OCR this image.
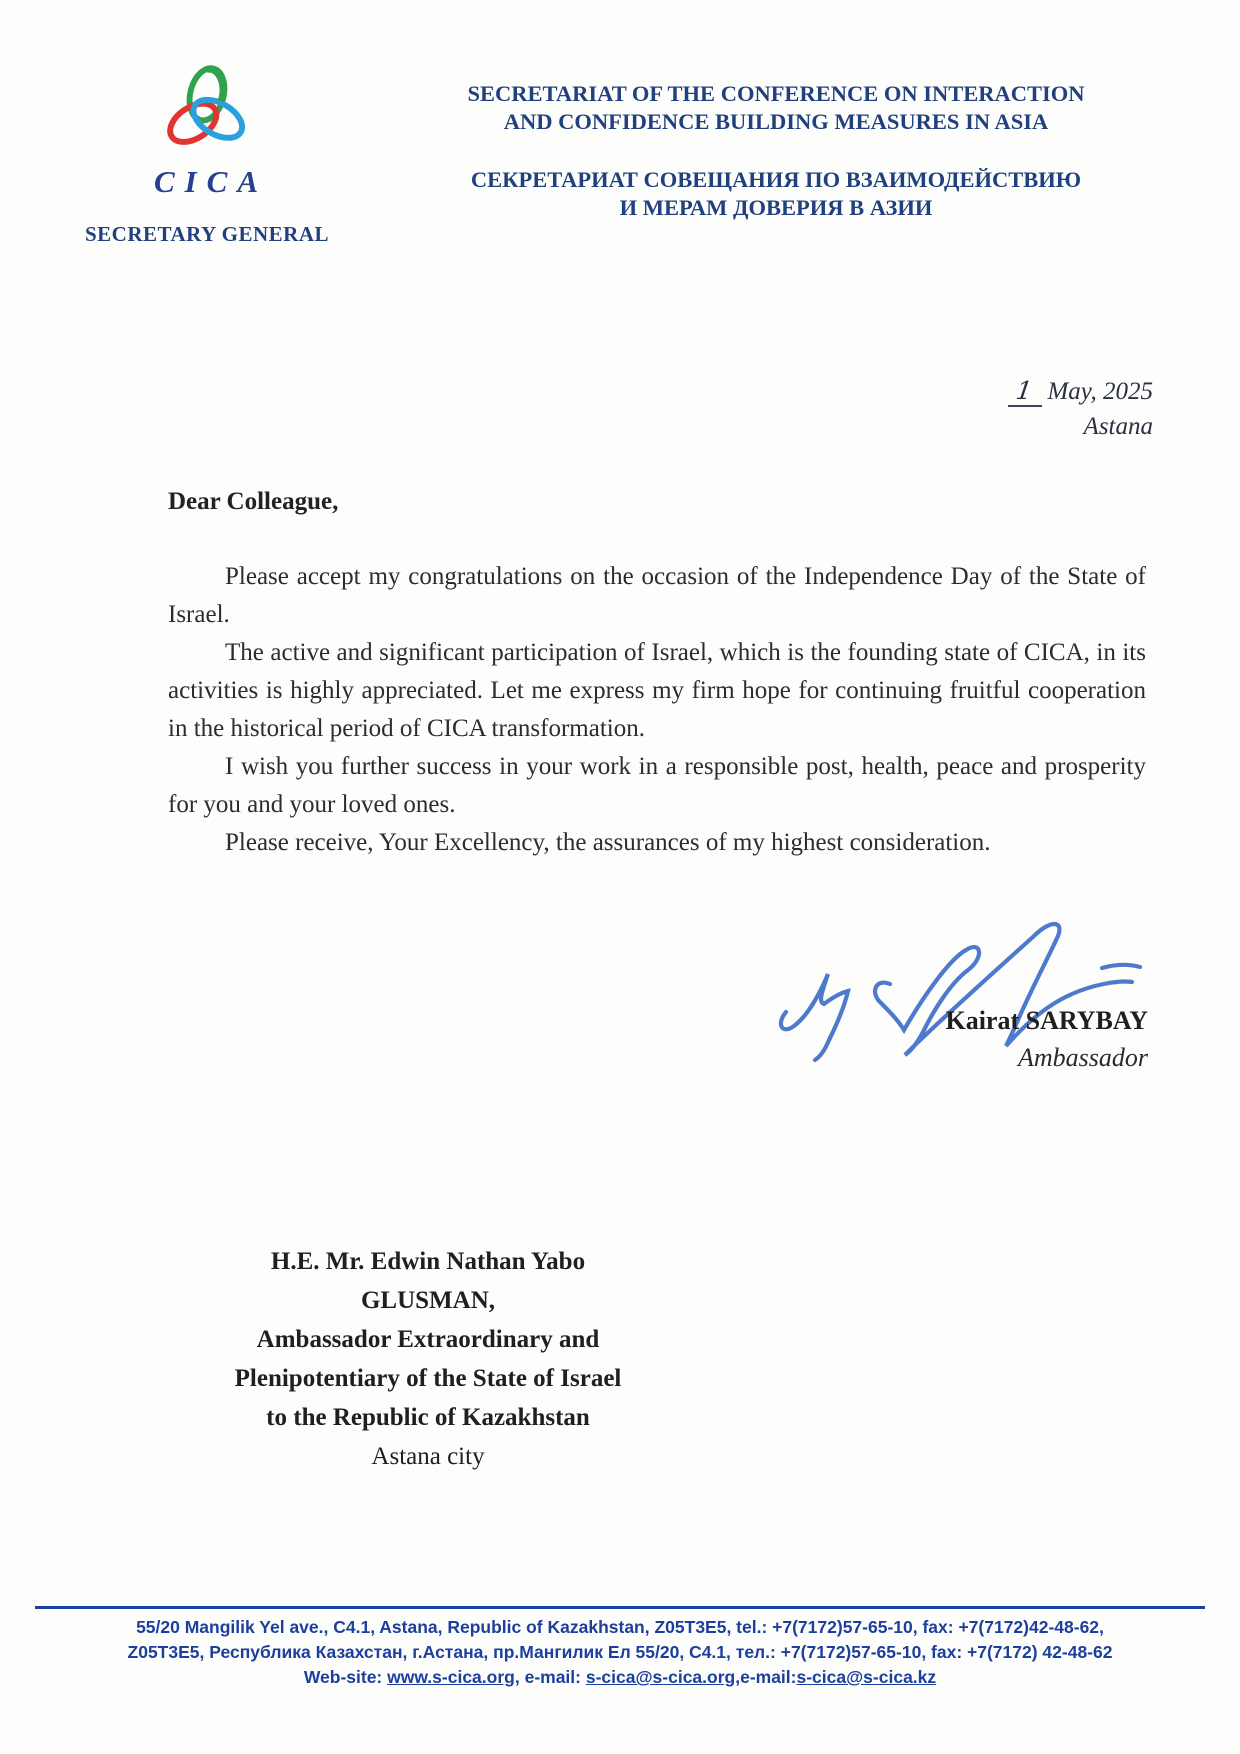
CICA
SECRETARY GENERAL
SECRETARIAT OF THE CONFERENCE ON INTERACTION
AND CONFIDENCE BUILDING MEASURES IN ASIA
СЕКРЕТАРИАТ СОВЕЩАНИЯ ПО ВЗАИМОДЕЙСТВИЮ
И МЕРАМ ДОВЕРИЯ В АЗИИ
1 May, 2025
Astana
Dear Colleague,

Please accept my congratulations on the occasion of the Independence Day of the State of Israel.

The active and significant participation of Israel, which is the founding state of CICA, in its activities is highly appreciated. Let me express my firm hope for continuing fruitful cooperation in the historical period of CICA transformation.

I wish you further success in your work in a responsible post, health, peace and prosperity for you and your loved ones.

Please receive, Your Excellency, the assurances of my highest consideration.

Kairat SARYBAY
Ambassador
H.E. Mr. Edwin Nathan Yabo
GLUSMAN,
Ambassador Extraordinary and
Plenipotentiary of the State of Israel
to the Republic of Kazakhstan
Astana city
55/20 Mangilik Yel ave., C4.1, Astana, Republic of Kazakhstan, Z05T3E5, tel.: +7(7172)57-65-10, fax: +7(7172)42-48-62,
Z05T3E5, Республика Казахстан, г.Астана, пр.Мангилик Ел 55/20, C4.1, тел.: +7(7172)57-65-10, fax: +7(7172) 42-48-62
Web-site: www.s-cica.org, e-mail: s-cica@s-cica.org,e-mail:s-cica@s-cica.kz
